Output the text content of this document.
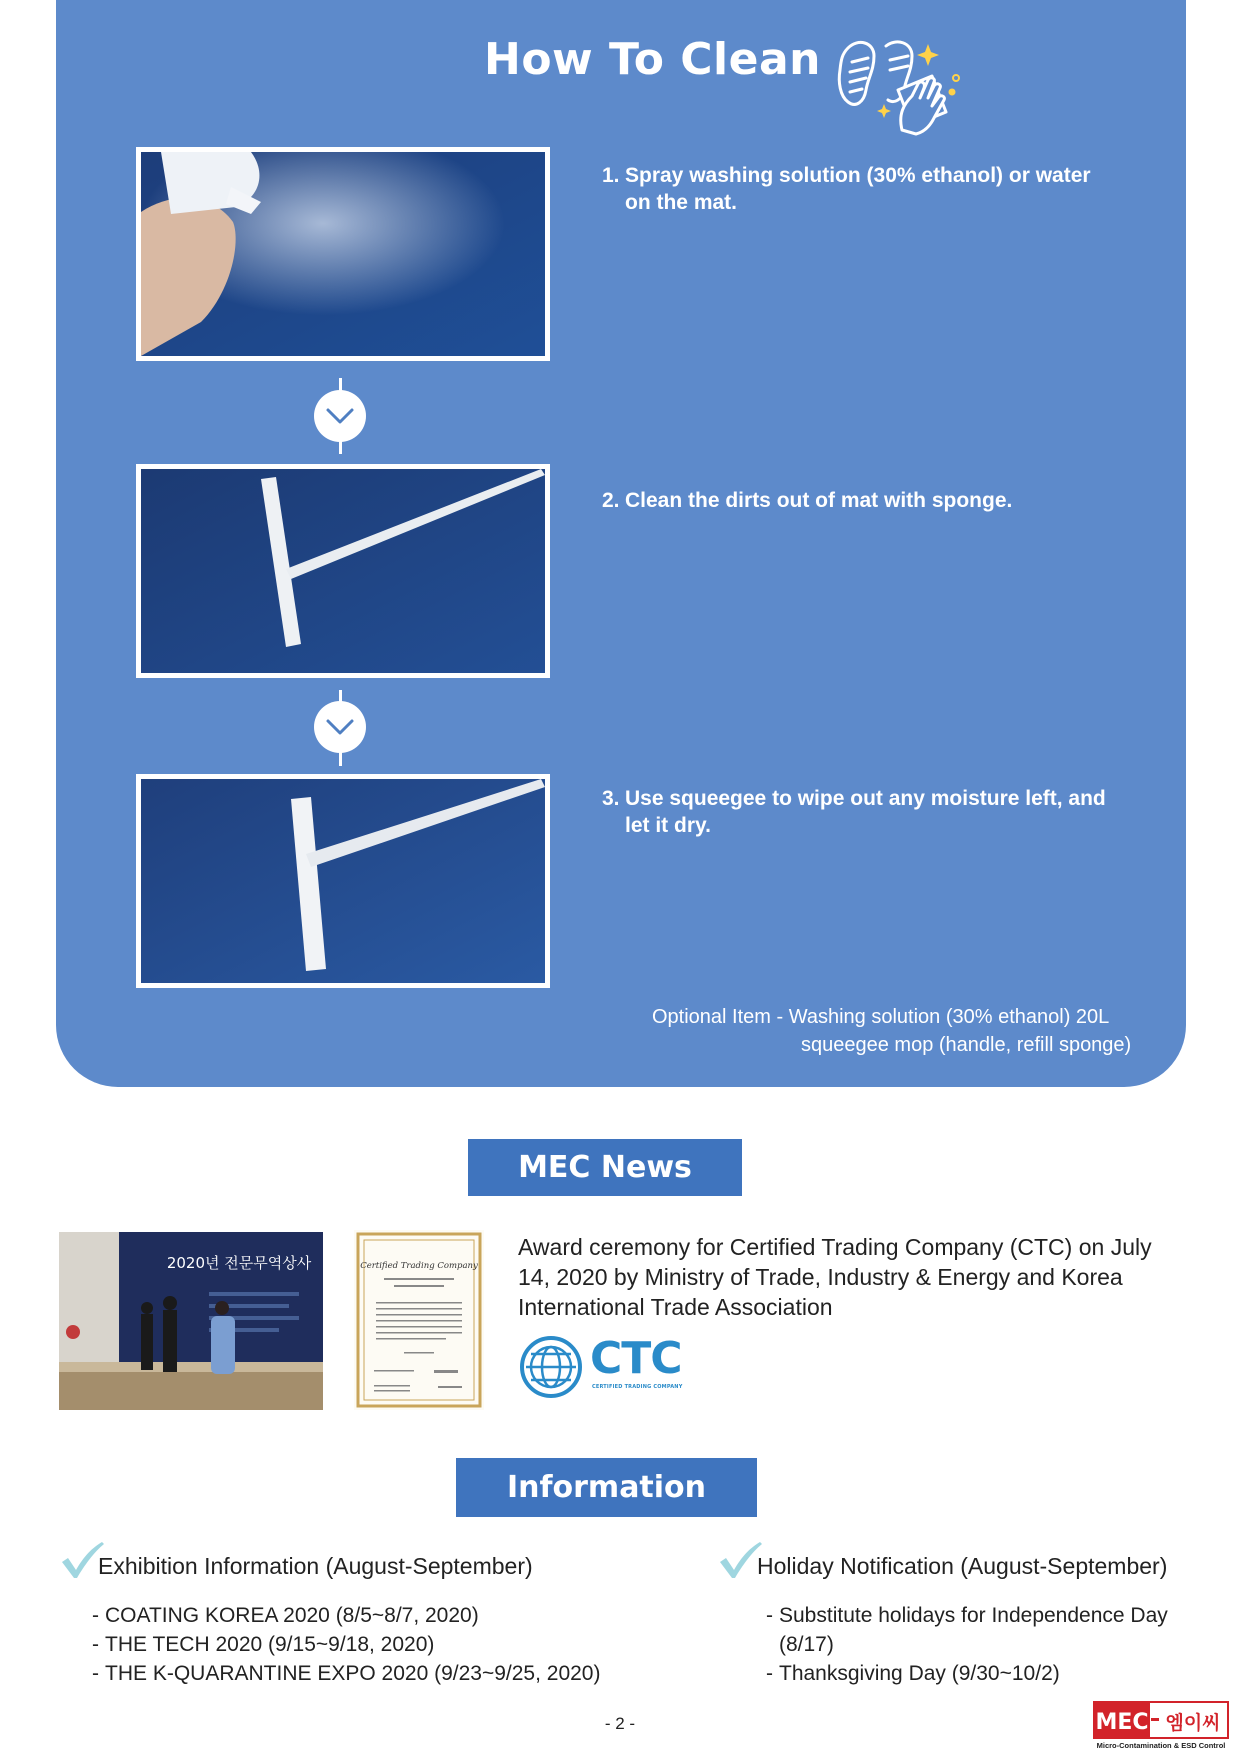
How To Clean
1. Spray washing solution (30% ethanol) or water
on the mat.
2. Clean the dirts out of mat with sponge.
3. Use squeegee to wipe out any moisture left, and
let it dry.
Optional Item - Washing solution (30% ethanol) 20L
squeegee mop (handle, refill sponge)
MEC News
2020년 전문무역상사	Certified Trading Company
Award ceremony for Certified Trading Company (CTC) on July 14, 2020 by Ministry of Trade, Industry & Energy and Korea International Trade Association
CTC
CERTIFIED TRADING COMPANY
Information
Exhibition Information (August-September)
- COATING KOREA 2020 (8/5~8/7, 2020)
- THE TECH 2020 (9/15~9/18, 2020)
- THE K-QUARANTINE EXPO 2020 (9/23~9/25, 2020)
Holiday Notification (August-September)
- Substitute holidays for Independence Day (8/17)
- Thanksgiving Day (9/30~10/2)
- 2 -	MEC 엠이씨
Micro-Contamination & ESD Control
